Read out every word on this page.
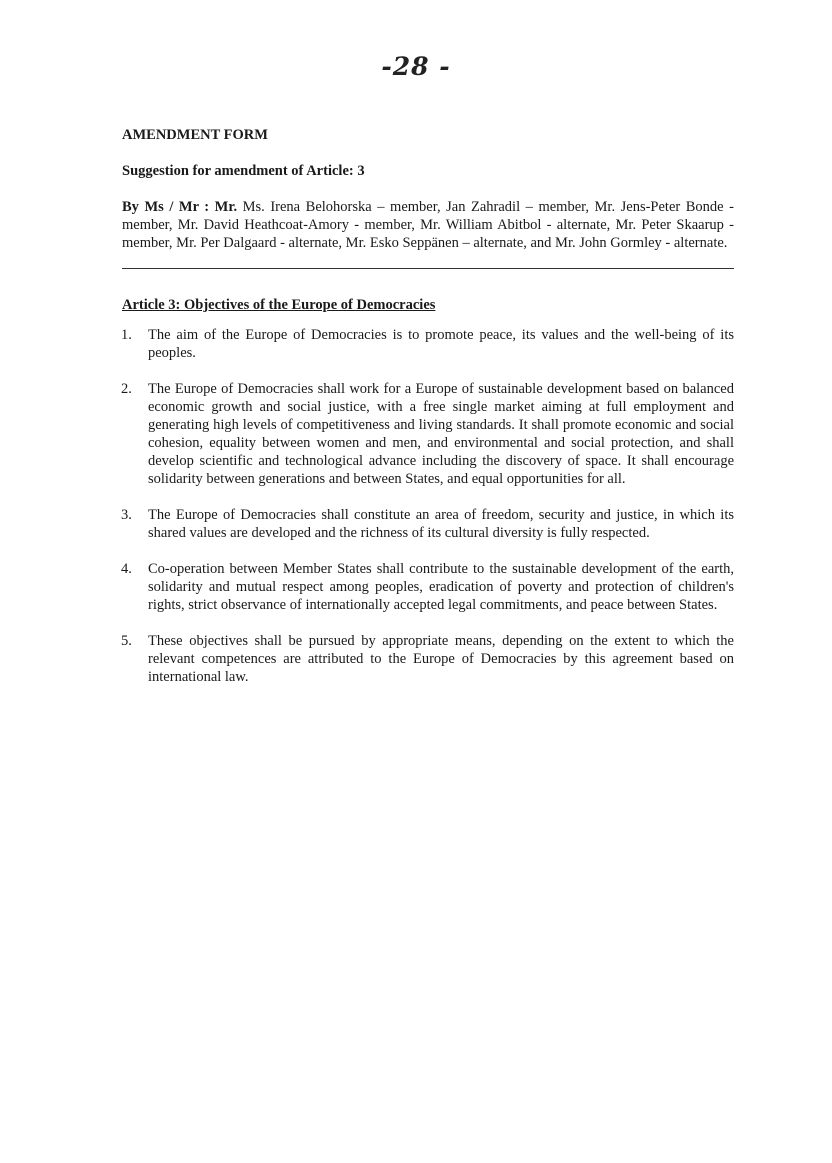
-28 -

AMENDMENT FORM

Suggestion for amendment of Article: 3

By Ms / Mr : Mr. Ms. Irena Belohorska – member, Jan Zahradil – member, Mr. Jens-Peter Bonde - member, Mr. David Heathcoat-Amory - member, Mr. William Abitbol - alternate, Mr. Peter Skaarup - member, Mr. Per Dalgaard - alternate, Mr. Esko Seppänen – alternate, and Mr. John Gormley - alternate.

Article 3: Objectives of the Europe of Democracies

1. The aim of the Europe of Democracies is to promote peace, its values and the well-being of its peoples.
2. The Europe of Democracies shall work for a Europe of sustainable development based on balanced economic growth and social justice, with a free single market aiming at full employment and generating high levels of competitiveness and living standards. It shall promote economic and social cohesion, equality between women and men, and environmental and social protection, and shall develop scientific and technological advance including the discovery of space. It shall encourage solidarity between generations and between States, and equal opportunities for all.
3. The Europe of Democracies shall constitute an area of freedom, security and justice, in which its shared values are developed and the richness of its cultural diversity is fully respected.
4. Co-operation between Member States shall contribute to the sustainable development of the earth, solidarity and mutual respect among peoples, eradication of poverty and protection of children's rights, strict observance of internationally accepted legal commitments, and peace between States.
5. These objectives shall be pursued by appropriate means, depending on the extent to which the relevant competences are attributed to the Europe of Democracies by this agreement based on international law.
